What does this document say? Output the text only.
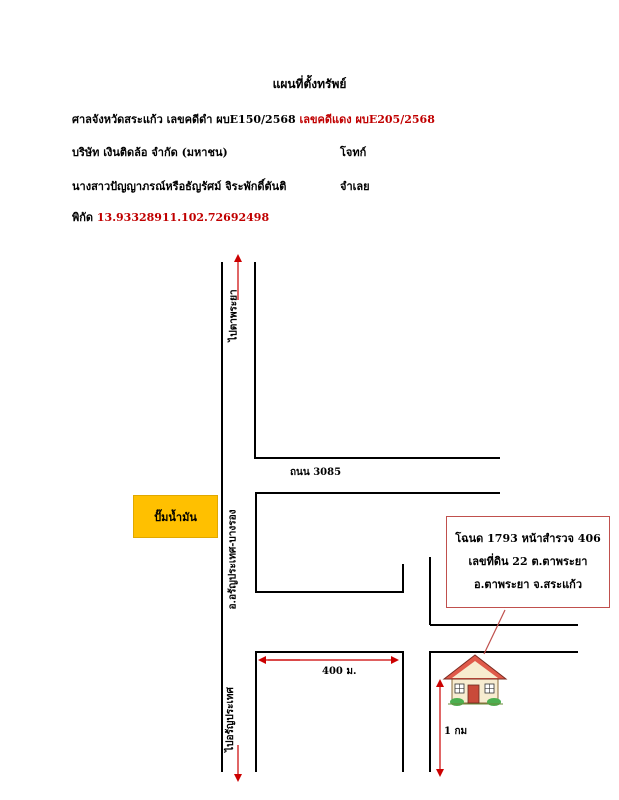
แผนที่ตั้งทรัพย์
ศาลจังหวัดสระแก้ว เลขคดีดำ ผบE150/2568 เลขคดีแดง ผบE205/2568
บริษัท เงินติดล้อ จำกัด (มหาชน)	โจทก์
นางสาวปัญญาภรณ์หรือธัญรัศม์ จิระพักดิ์ตันติ	จำเลย
พิกัด 13.93328911.102.72692498
ไปตาพระยา
ถนน 3085
อ.อรัญประเทศ-บางรอง
ไปอรัญประเทศ
400 ม.
1 กม
ปั๊มน้ำมัน
โฉนด 1793 หน้าสำรวจ 406
เลขที่ดิน 22 ต.ตาพระยา
อ.ตาพระยา จ.สระแก้ว
